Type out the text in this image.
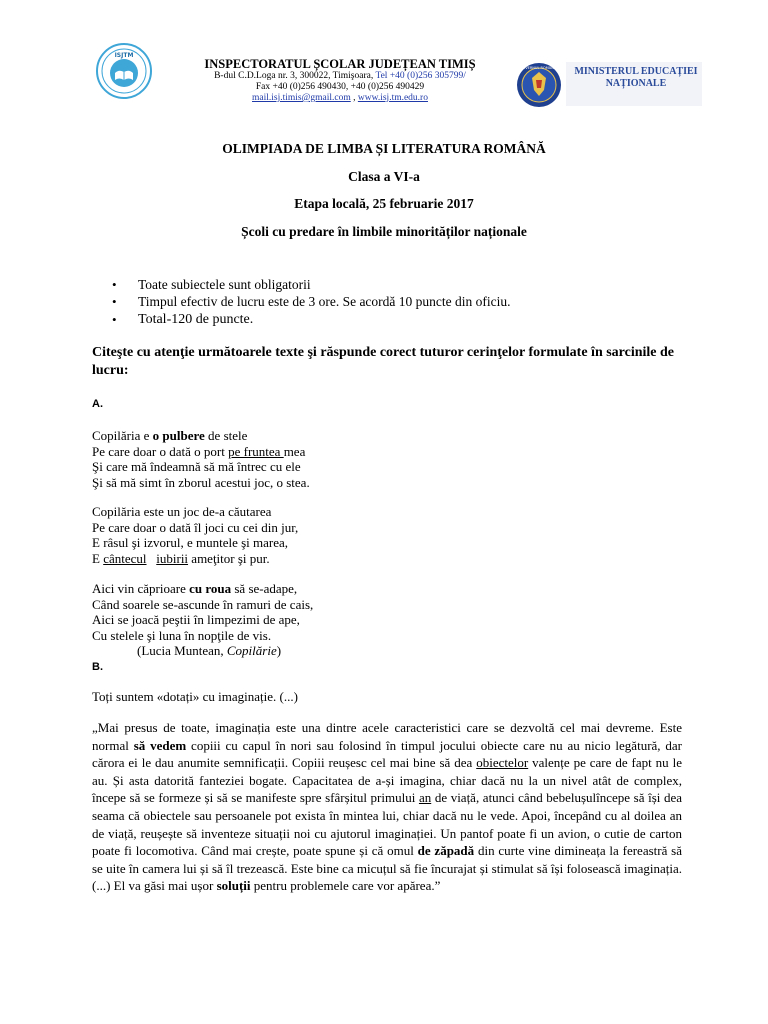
ISJTM
INSPECTORATUL ȘCOLAR JUDEȚEAN TIMIȘ
B-dul C.D.Loga nr. 3, 300022, Timişoara, Tel +40 (0)256 305799/
Fax +40 (0)256 490430, +40 (0)256 490429
mail.isj.timis@gmail.com , www.isj.tm.edu.ro
GUVERNUL ROMÂNIEI	MINISTERUL EDUCAȚIEI
NAȚIONALE
OLIMPIADA DE LIMBA ȘI LITERATURA ROMÂNĂ
Clasa a VI-a
Etapa locală, 25 februarie 2017
Școli cu predare în limbile minorităților naționale
• Toate subiectele sunt obligatorii
• Timpul efectiv de lucru este de 3 ore. Se acordă 10 puncte din oficiu.
• Total-120 de puncte.
Citeşte cu atenţie următoarele texte şi răspunde corect tuturor cerinţelor formulate în sarcinile de lucru:
A.
Copilăria e o pulbere de stele
Pe care doar o dată o port pe fruntea mea
Şi care mă îndeamnă să mă întrec cu ele
Şi să mă simt în zborul acestui joc, o stea.
Copilăria este un joc de-a căutarea
Pe care doar o dată îl joci cu cei din jur,
E râsul şi izvorul, e muntele şi marea,
E cântecul iubirii ameţitor şi pur.
Aici vin căprioare cu roua să se-adape,
Când soarele se-ascunde în ramuri de cais,
Aici se joacă peştii în limpezimi de ape,
Cu stelele şi luna în nopţile de vis.
(Lucia Muntean, Copilărie)
B.
Toți suntem «dotați» cu imaginație. (...)
„Mai presus de toate, imaginația este una dintre acele caracteristici care se dezvoltă cel mai devreme. Este normal să vedem copiii cu capul în nori sau folosind în timpul jocului obiecte care nu au nicio legătură, dar cărora ei le dau anumite semnificații. Copiii reușesc cel mai bine să dea obiectelor valențe pe care de fapt nu le au. Și asta datorită fanteziei bogate. Capacitatea de a-și imagina, chiar dacă nu la un nivel atât de complex, începe să se formeze și să se manifeste spre sfârșitul primului an de viață, atunci când bebelușulîncepe să își dea seama că obiectele sau persoanele pot exista în mintea lui, chiar dacă nu le vede. Apoi, începând cu al doilea an de viață, reușește să inventeze situații noi cu ajutorul imaginației. Un pantof poate fi un avion, o cutie de carton poate fi locomotiva. Când mai crește, poate spune și că omul de zăpadă din curte vine dimineața la fereastră să se uite în camera lui și să îl trezească. Este bine ca micuțul să fie încurajat și stimulat să își folosească imaginația. (...) El va găsi mai ușor soluții pentru problemele care vor apărea.”
